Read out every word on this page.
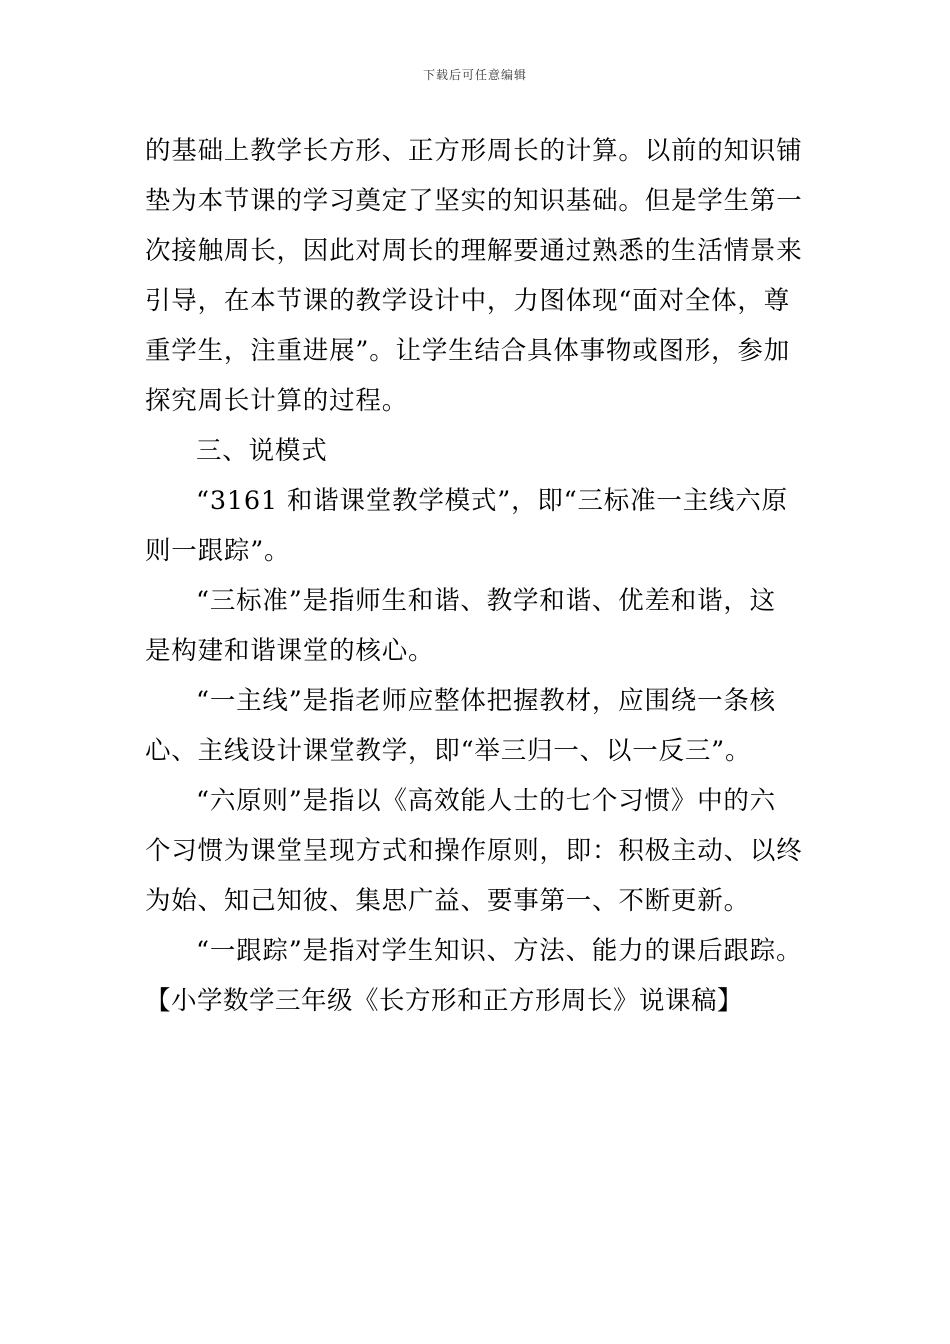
下载后可任意编辑
的基础上教学长方形、正方形周长的计算。以前的知识铺
垫为本节课的学习奠定了坚实的知识基础。但是学生第一
次接触周长，因此对周长的理解要通过熟悉的生活情景来
引导，在本节课的教学设计中，力图体现“面对全体，尊
重学生，注重进展”。让学生结合具体事物或图形，参加
探究周长计算的过程。
三、说模式
“3161 和谐课堂教学模式”，即“三标准一主线六原
则一跟踪”。
“三标准”是指师生和谐、教学和谐、优差和谐，这
是构建和谐课堂的核心。
“一主线”是指老师应整体把握教材，应围绕一条核
心、主线设计课堂教学，即“举三归一、以一反三”。
“六原则”是指以《高效能人士的七个习惯》中的六
个习惯为课堂呈现方式和操作原则，即：积极主动、以终
为始、知己知彼、集思广益、要事第一、不断更新。
“一跟踪”是指对学生知识、方法、能力的课后跟踪。
【小学数学三年级《长方形和正方形周长》说课稿】
